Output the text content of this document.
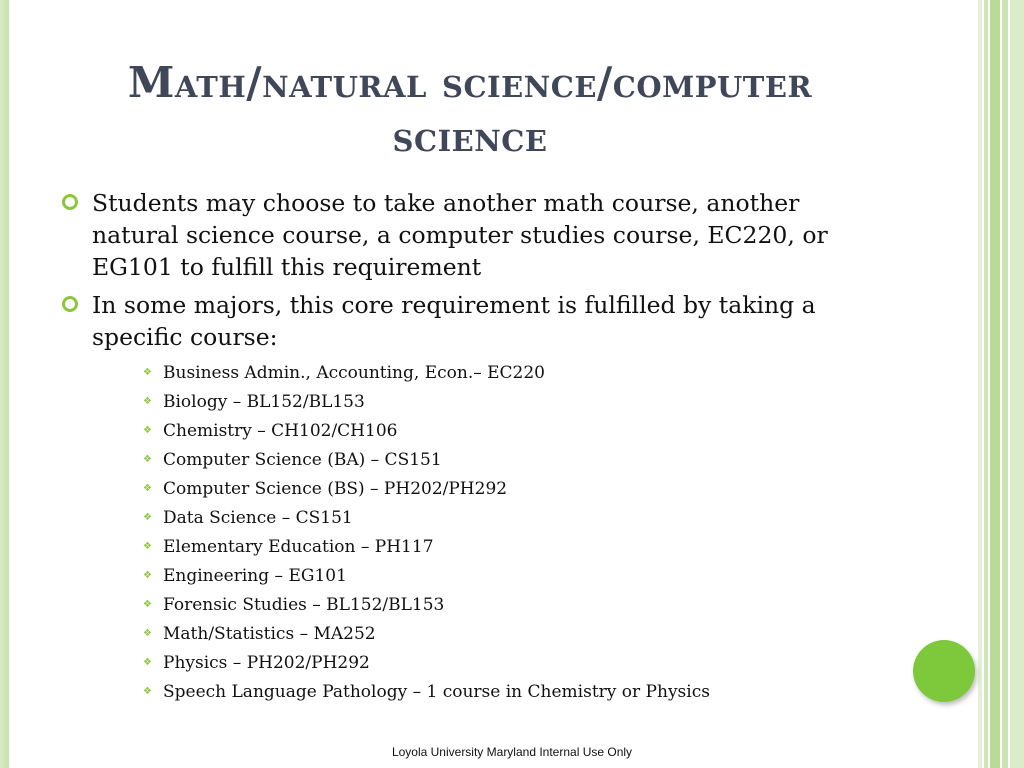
Math/natural science/computer
science
Students may choose to take another math course, another natural science course, a computer studies course, EC220, or EG101 to fulfill this requirement
In some majors, this core requirement is fulfilled by taking a specific course:
❖ Business Admin., Accounting, Econ.– EC220
❖ Biology – BL152/BL153
❖ Chemistry – CH102/CH106
❖ Computer Science (BA) – CS151
❖ Computer Science (BS) – PH202/PH292
❖ Data Science – CS151
❖ Elementary Education – PH117
❖ Engineering – EG101
❖ Forensic Studies – BL152/BL153
❖ Math/Statistics – MA252
❖ Physics – PH202/PH292
❖ Speech Language Pathology – 1 course in Chemistry or Physics
Loyola University Maryland Internal Use Only
